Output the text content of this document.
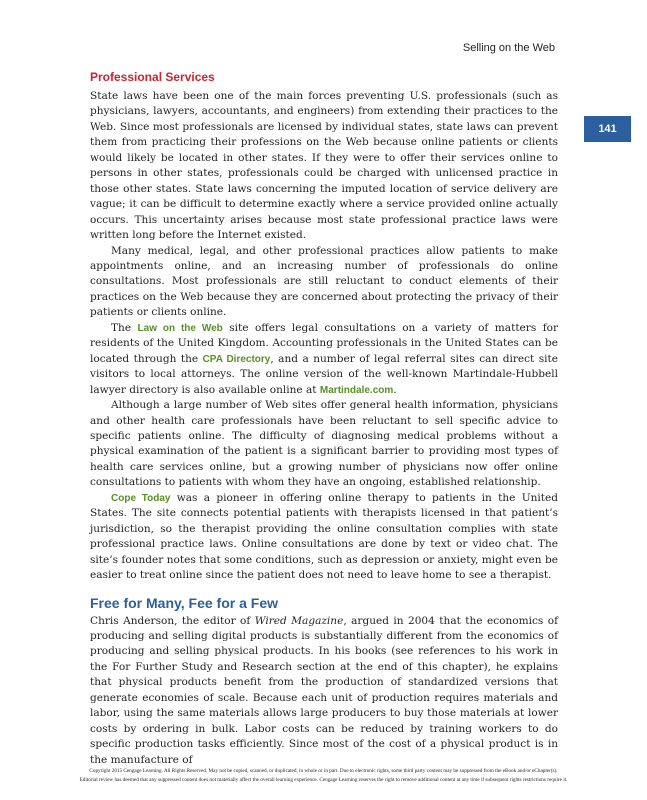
Selling on the Web
141
Professional Services

State laws have been one of the main forces preventing U.S. professionals (such as physicians, lawyers, accountants, and engineers) from extending their practices to the Web. Since most professionals are licensed by individual states, state laws can prevent them from practicing their professions on the Web because online patients or clients would likely be located in other states. If they were to offer their services online to persons in other states, professionals could be charged with unlicensed practice in those other states. State laws concerning the imputed location of service delivery are vague; it can be difficult to determine exactly where a service provided online actually occurs. This uncertainty arises because most state professional practice laws were written long before the Internet existed.

Many medical, legal, and other professional practices allow patients to make appointments online, and an increasing number of professionals do online consultations. Most professionals are still reluctant to conduct elements of their practices on the Web because they are concerned about protecting the privacy of their patients or clients online.

The Law on the Web site offers legal consultations on a variety of matters for residents of the United Kingdom. Accounting professionals in the United States can be located through the CPA Directory, and a number of legal referral sites can direct site visitors to local attorneys. The online version of the well-known Martindale-Hubbell lawyer directory is also available online at Martindale.com.

Although a large number of Web sites offer general health information, physicians and other health care professionals have been reluctant to sell specific advice to specific patients online. The difficulty of diagnosing medical problems without a physical examination of the patient is a significant barrier to providing most types of health care services online, but a growing number of physicians now offer online consultations to patients with whom they have an ongoing, established relationship.

Cope Today was a pioneer in offering online therapy to patients in the United States. The site connects potential patients with therapists licensed in that patient’s jurisdiction, so the therapist providing the online consultation complies with state professional practice laws. Online consultations are done by text or video chat. The site’s founder notes that some conditions, such as depression or anxiety, might even be easier to treat online since the patient does not need to leave home to see a therapist.

Free for Many, Fee for a Few

Chris Anderson, the editor of Wired Magazine, argued in 2004 that the economics of producing and selling digital products is substantially different from the economics of producing and selling physical products. In his books (see references to his work in the For Further Study and Research section at the end of this chapter), he explains that physical products benefit from the production of standardized versions that generate economies of scale. Because each unit of production requires materials and labor, using the same materials allows large producers to buy those materials at lower costs by ordering in bulk. Labor costs can be reduced by training workers to do specific production tasks efficiently. Since most of the cost of a physical product is in the manufacture of

Copyright 2015 Cengage Learning. All Rights Reserved. May not be copied, scanned, or duplicated, in whole or in part. Due to electronic rights, some third party content may be suppressed from the eBook and/or eChapter(s).
Editorial review has deemed that any suppressed content does not materially affect the overall learning experience. Cengage Learning reserves the right to remove additional content at any time if subsequent rights restrictions require it.
